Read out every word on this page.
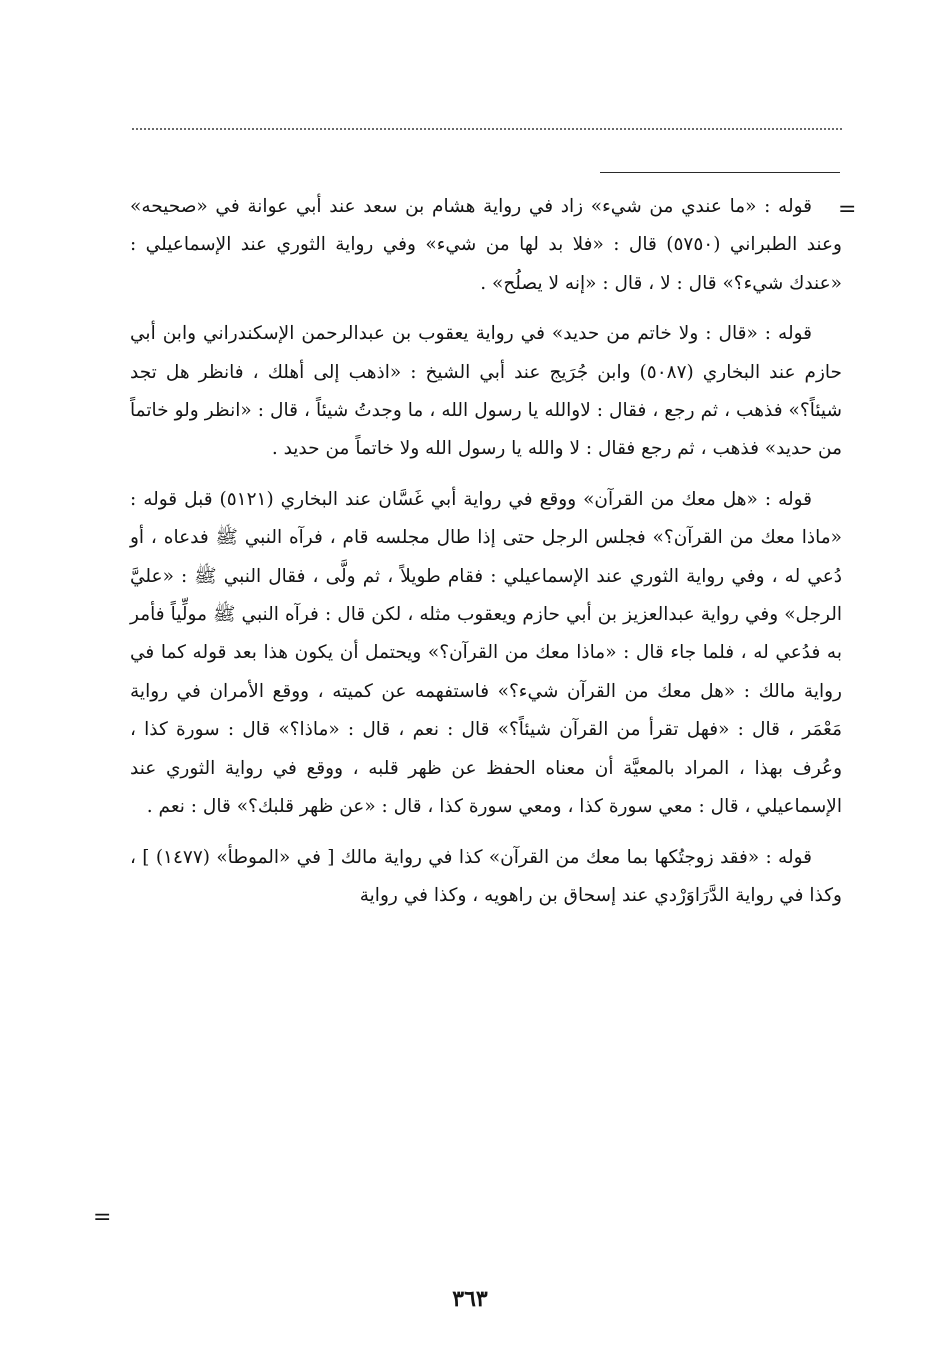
=

قوله : «ما عندي من شيء» زاد في رواية هشام بن سعد عند أبي عوانة في «صحيحه» وعند الطبراني (٥٧٥٠) قال : «فلا بد لها من شيء» وفي رواية الثوري عند الإسماعيلي : «عندك شيء؟» قال : لا ، قال : «إنه لا يصلُح» .

قوله : «قال : ولا خاتم من حديد» في رواية يعقوب بن عبدالرحمن الإسكندراني وابن أبي حازم عند البخاري (٥٠٨٧) وابن جُرَيج عند أبي الشيخ : «اذهب إلى أهلك ، فانظر هل تجد شيئاً؟» فذهب ، ثم رجع ، فقال : لاوالله يا رسول الله ، ما وجدتُ شيئاً ، قال : «انظر ولو خاتماً من حديد» فذهب ، ثم رجع فقال : لا والله يا رسول الله ولا خاتماً من حديد .

قوله : «هل معك من القرآن» ووقع في رواية أبي غَسَّان عند البخاري (٥١٢١) قبل قوله : «ماذا معك من القرآن؟» فجلس الرجل حتى إذا طال مجلسه قام ، فرآه النبي ﷺ فدعاه ، أو دُعي له ، وفي رواية الثوري عند الإسماعيلي : فقام طويلاً ، ثم ولَّى ، فقال النبي ﷺ : «عليَّ الرجل» وفي رواية عبدالعزيز بن أبي حازم ويعقوب مثله ، لكن قال : فرآه النبي ﷺ مولِّياً فأمر به فدُعي له ، فلما جاء قال : «ماذا معك من القرآن؟» ويحتمل أن يكون هذا بعد قوله كما في رواية مالك : «هل معك من القرآن شيء؟» فاستفهمه عن كميته ، ووقع الأمران في رواية مَعْمَر ، قال : «فهل تقرأ من القرآن شيئاً؟» قال : نعم ، قال : «ماذا؟» قال : سورة كذا ، وعُرف بهذا ، المراد بالمعيَّة أن معناه الحفظ عن ظهر قلبه ، ووقع في رواية الثوري عند الإسماعيلي ، قال : معي سورة كذا ، ومعي سورة كذا ، قال : «عن ظهر قلبك؟» قال : نعم .

قوله : «فقد زوجتُكها بما معك من القرآن» كذا في رواية مالك [ في «الموطأ» (١٤٧٧) ] ، وكذا في رواية الدَّرَاوَرْدي عند إسحاق بن راهويه ، وكذا في رواية

=
٣٦٣
